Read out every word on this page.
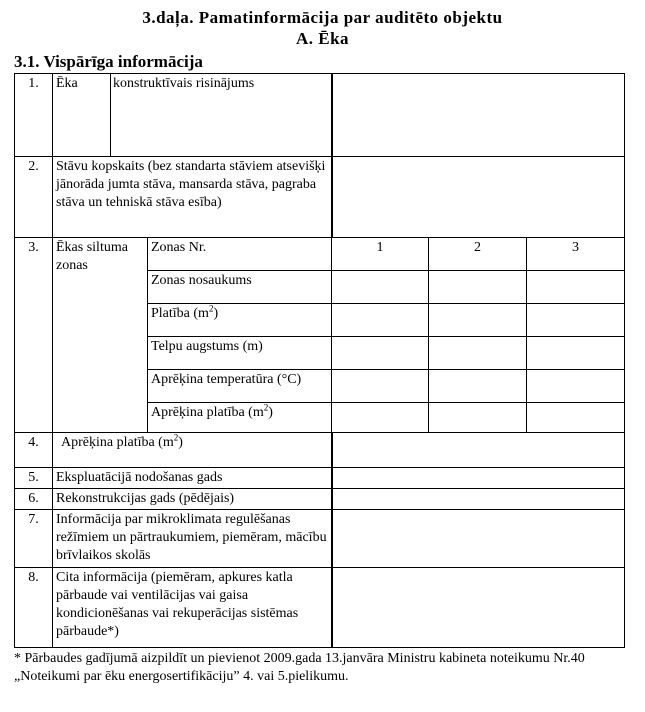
3.daļa. Pamatinformācija par auditēto objektu
A. Ēka
3.1. Vispārīga informācija
1.	Ēka	konstruktīvais risinājums				
2.	Stāvu kopskaits (bez standarta stāviem atsevišķi jānorāda jumta stāva, mansarda stāva, pagraba stāva un tehniskā stāva esība)					
3.	Ēkas siltuma zonas		Zonas Nr.	1	2	3
			Zonas nosaukums			
			Platība $(m^2)$			
			Telpu augstums (m)			
			Aprēķina temperatūra (°C)			
			Aprēķina platība $(m^2)$			
4.	Aprēķina platība $(m^2)$					
5.	Ekspluatācijā nodošanas gads					
6.	Rekonstrukcijas gads (pēdējais)					
7.	Informācija par mikroklimata regulēšanas režīmiem un pārtraukumiem, piemēram, mācību brīvlaikos skolās					
8.	Cita informācija (piemēram, apkures katla pārbaude vai ventilācijas vai gaisa kondicionēšanas vai rekuperācijas sistēmas pārbaude*)					
* Pārbaudes gadījumā aizpildīt un pievienot 2009.gada 13.janvāra Ministru kabineta noteikumu Nr.40 „Noteikumi par ēku energosertifikāciju” 4. vai 5.pielikumu.
